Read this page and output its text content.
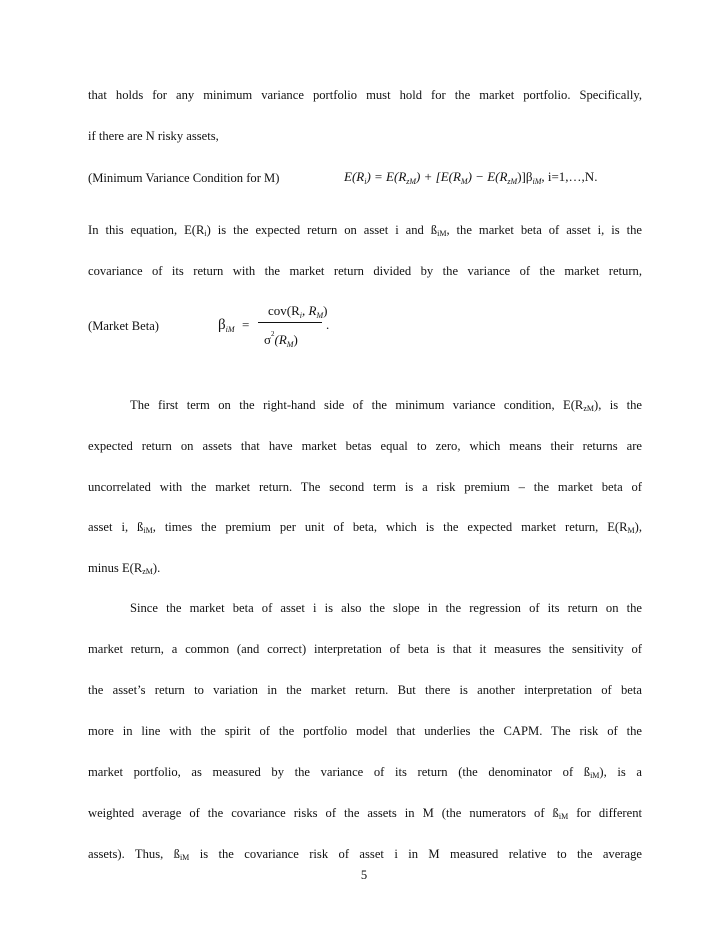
that holds for any minimum variance portfolio must hold for the market portfolio. Specifically,
if there are N risky assets,
(Minimum Variance Condition for M)	$E(R_i) = E(R_{zM}) + [E(R_M) - E(R_{zM})]\beta_{iM}$, i=1,…,N.
In this equation, $E(R_i)$ is the expected return on asset i and $ß_{iM}$, the market beta of asset i, is the
covariance of its return with the market return divided by the variance of the market return,
(Market Beta)	$\beta_{iM}$ =
$cov(R_i$, $R_M$)
$\sigma^2(R_M)$
.
The first term on the right-hand side of the minimum variance condition, $E(R_{zM})$, is the
expected return on assets that have market betas equal to zero, which means their returns are
uncorrelated with the market return. The second term is a risk premium – the market beta of
asset i, $ß_{iM}$, times the premium per unit of beta, which is the expected market return, $E(R_M)$,
minus $E(R_{zM})$.
Since the market beta of asset i is also the slope in the regression of its return on the
market return, a common (and correct) interpretation of beta is that it measures the sensitivity of
the asset’s return to variation in the market return. But there is another interpretation of beta
more in line with the spirit of the portfolio model that underlies the CAPM. The risk of the
market portfolio, as measured by the variance of its return (the denominator of $ß_{iM}$), is a
weighted average of the covariance risks of the assets in M (the numerators of $ß_{iM}$ for different
assets). Thus, $ß_{iM}$ is the covariance risk of asset i in M measured relative to the average
5
